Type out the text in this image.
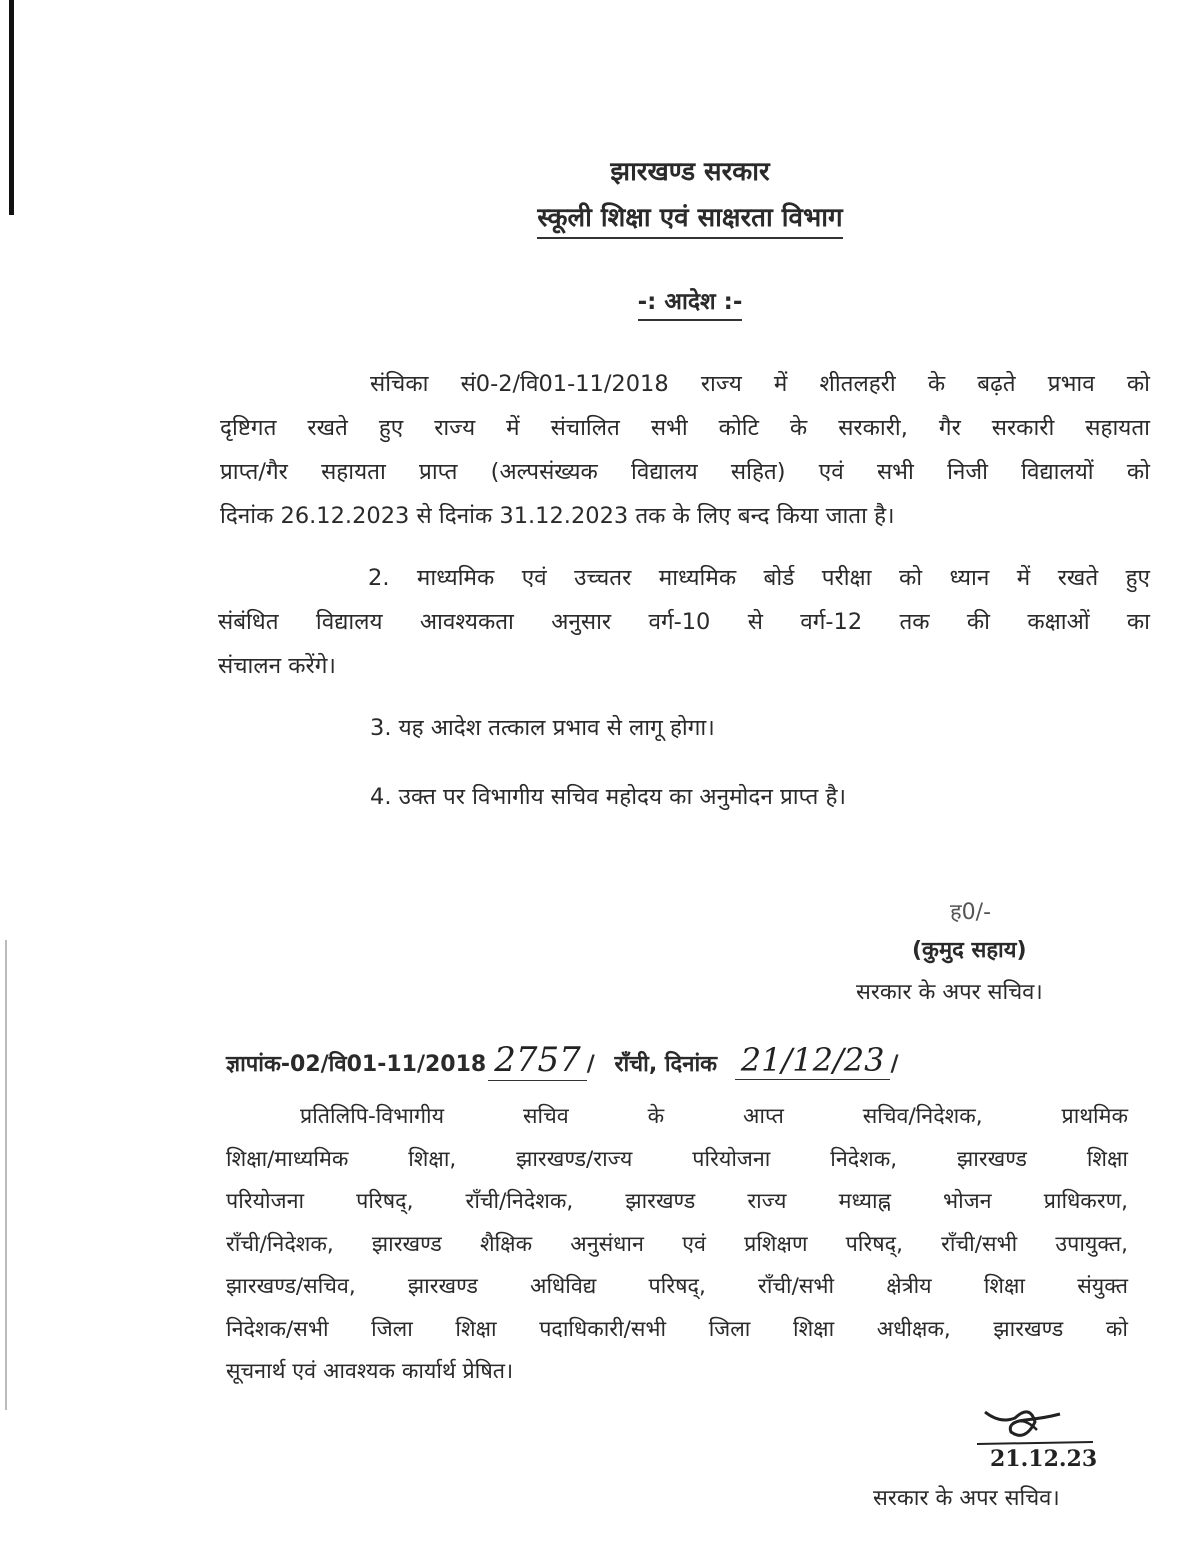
झारखण्ड सरकार
स्कूली शिक्षा एवं साक्षरता विभाग
-: आदेश :-
संचिका सं0-2/वि01-11/2018 राज्य में शीतलहरी के बढ़ते प्रभाव को
दृष्टिगत रखते हुए राज्य में संचालित सभी कोटि के सरकारी, गैर सरकारी सहायता
प्राप्त/गैर सहायता प्राप्त (अल्पसंख्यक विद्यालय सहित) एवं सभी निजी विद्यालयों को
दिनांक 26.12.2023 से दिनांक 31.12.2023 तक के लिए बन्द किया जाता है।
2. माध्यमिक एवं उच्चतर माध्यमिक बोर्ड परीक्षा को ध्यान में रखते हुए
संबंधित विद्यालय आवश्यकता अनुसार वर्ग-10 से वर्ग-12 तक की कक्षाओं का
संचालन करेंगे।
3. यह आदेश तत्काल प्रभाव से लागू होगा।
4. उक्त पर विभागीय सचिव महोदय का अनुमोदन प्राप्त है।
ह0/-
(कुमुद सहाय)
सरकार के अपर सचिव।
ज्ञापांक-02/वि01-11/2018 2757 / राँची, दिनांक 21/12/23 /
प्रतिलिपि-विभागीय सचिव के आप्त सचिव/निदेशक, प्राथमिक
शिक्षा/माध्यमिक शिक्षा, झारखण्ड/राज्य परियोजना निदेशक, झारखण्ड शिक्षा
परियोजना परिषद्, राँची/निदेशक, झारखण्ड राज्य मध्याह्न भोजन प्राधिकरण,
राँची/निदेशक, झारखण्ड शैक्षिक अनुसंधान एवं प्रशिक्षण परिषद्, राँची/सभी उपायुक्त,
झारखण्ड/सचिव, झारखण्ड अधिविद्य परिषद्, राँची/सभी क्षेत्रीय शिक्षा संयुक्त
निदेशक/सभी जिला शिक्षा पदाधिकारी/सभी जिला शिक्षा अधीक्षक, झारखण्ड को
सूचनार्थ एवं आवश्यक कार्यार्थ प्रेषित।
21.12.23
सरकार के अपर सचिव।
